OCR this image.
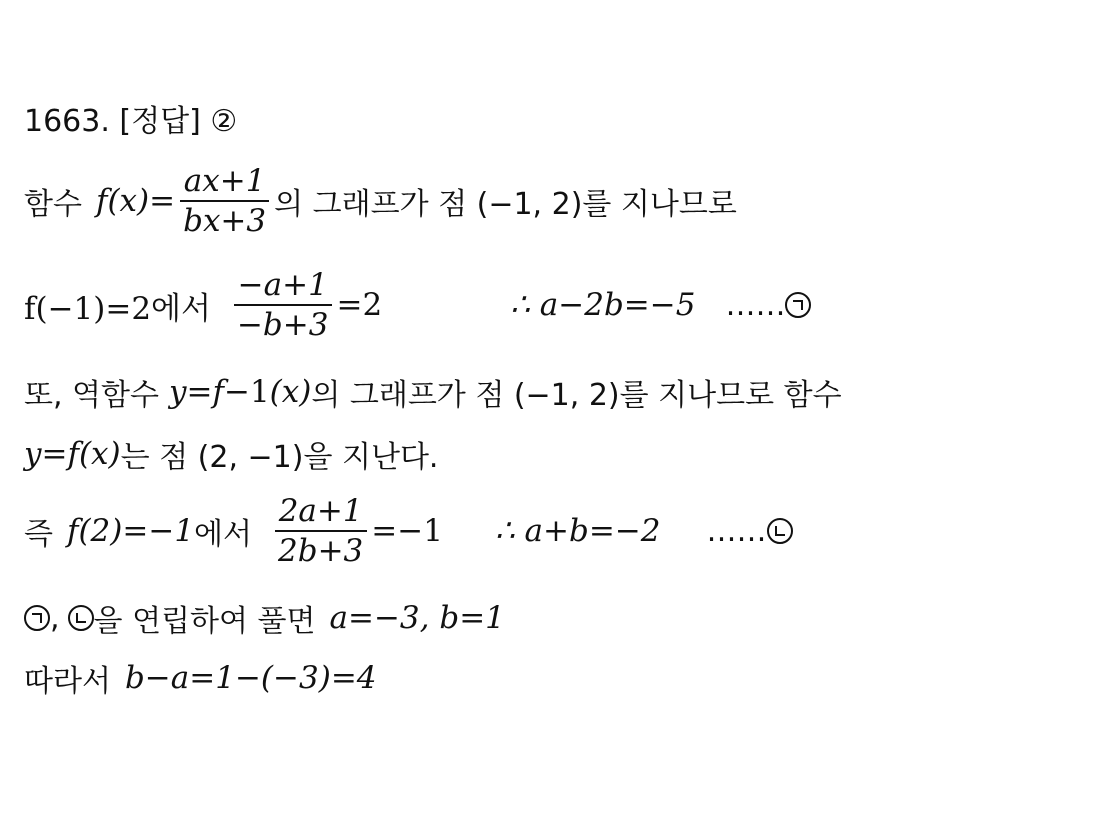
1663. [정답] ②
함수 $f(x)= \frac{ax+1}{bx+3}$ 의 그래프가 점 (−1, 2)를 지나므로
f(−1)=2에서 $\frac{-a+1}{-b+3} =2$	∴ a−2b=−5 ……
또, 역함수 y=f −1 (x) 의 그래프가 점 (−1, 2)를 지나므로 함수
y=f(x) 는 점 (2, −1)을 지난다.
즉 f(2)=−1 에서 $\frac{2a+1}{2b+3} =-1$ ∴ a+b=−2 ……
, 을 연립하여 풀면 a=−3, b=1
따라서 b−a=1−(−3)=4
